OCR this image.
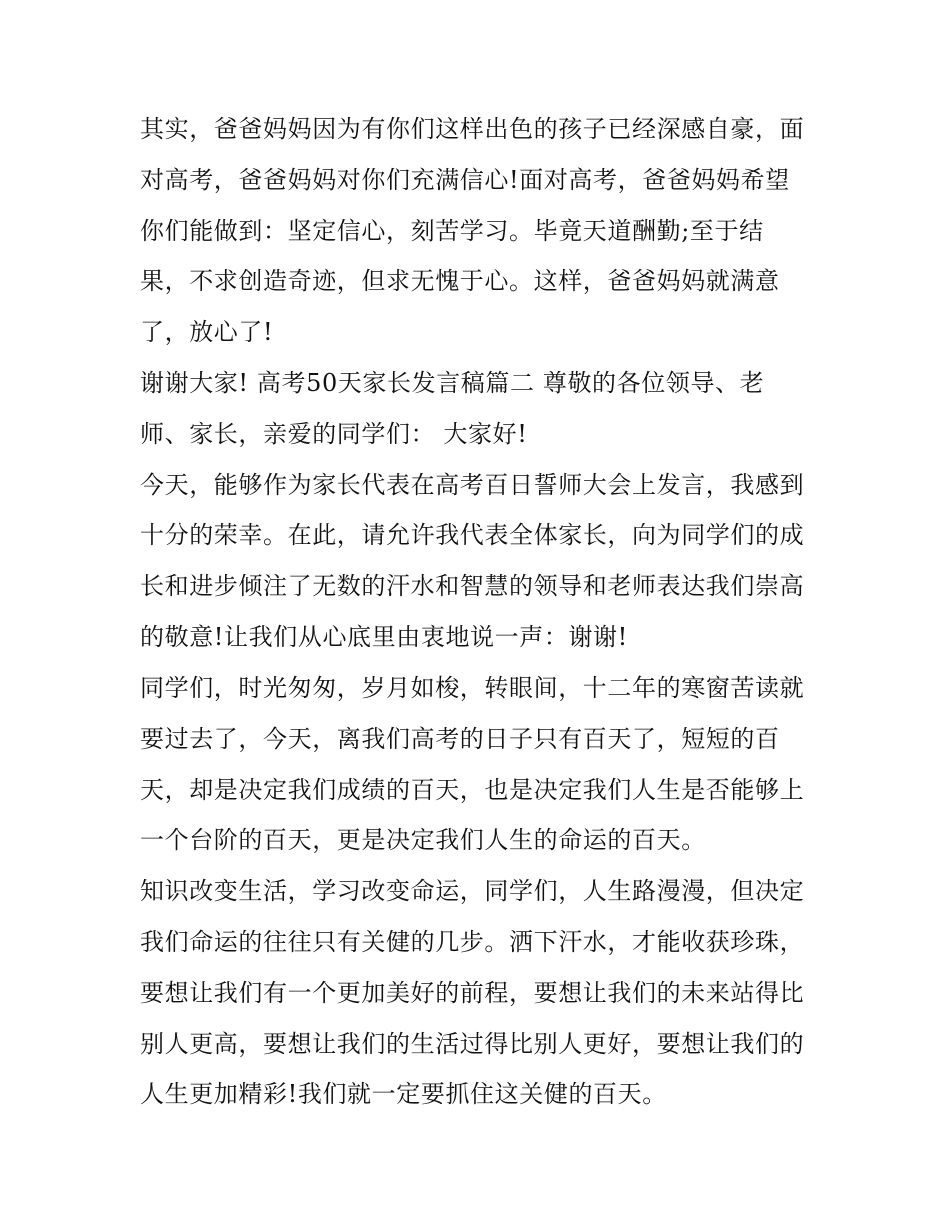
其实，爸爸妈妈因为有你们这样出色的孩子已经深感自豪，面
对高考，爸爸妈妈对你们充满信心!面对高考，爸爸妈妈希望
你们能做到：坚定信心，刻苦学习。毕竟天道酬勤;至于结
果，不求创造奇迹，但求无愧于心。这样，爸爸妈妈就满意
了，放心了!
谢谢大家! 高考50天家长发言稿篇二 尊敬的各位领导、老
师、家长，亲爱的同学们： 大家好!
今天，能够作为家长代表在高考百日誓师大会上发言，我感到
十分的荣幸。在此，请允许我代表全体家长，向为同学们的成
长和进步倾注了无数的汗水和智慧的领导和老师表达我们崇高
的敬意!让我们从心底里由衷地说一声：谢谢!
同学们，时光匆匆，岁月如梭，转眼间，十二年的寒窗苦读就
要过去了，今天，离我们高考的日子只有百天了，短短的百
天，却是决定我们成绩的百天，也是决定我们人生是否能够上
一个台阶的百天，更是决定我们人生的命运的百天。
知识改变生活，学习改变命运，同学们，人生路漫漫，但决定
我们命运的往往只有关健的几步。洒下汗水，才能收获珍珠，
要想让我们有一个更加美好的前程，要想让我们的未来站得比
别人更高，要想让我们的生活过得比别人更好，要想让我们的
人生更加精彩!我们就一定要抓住这关健的百天。
